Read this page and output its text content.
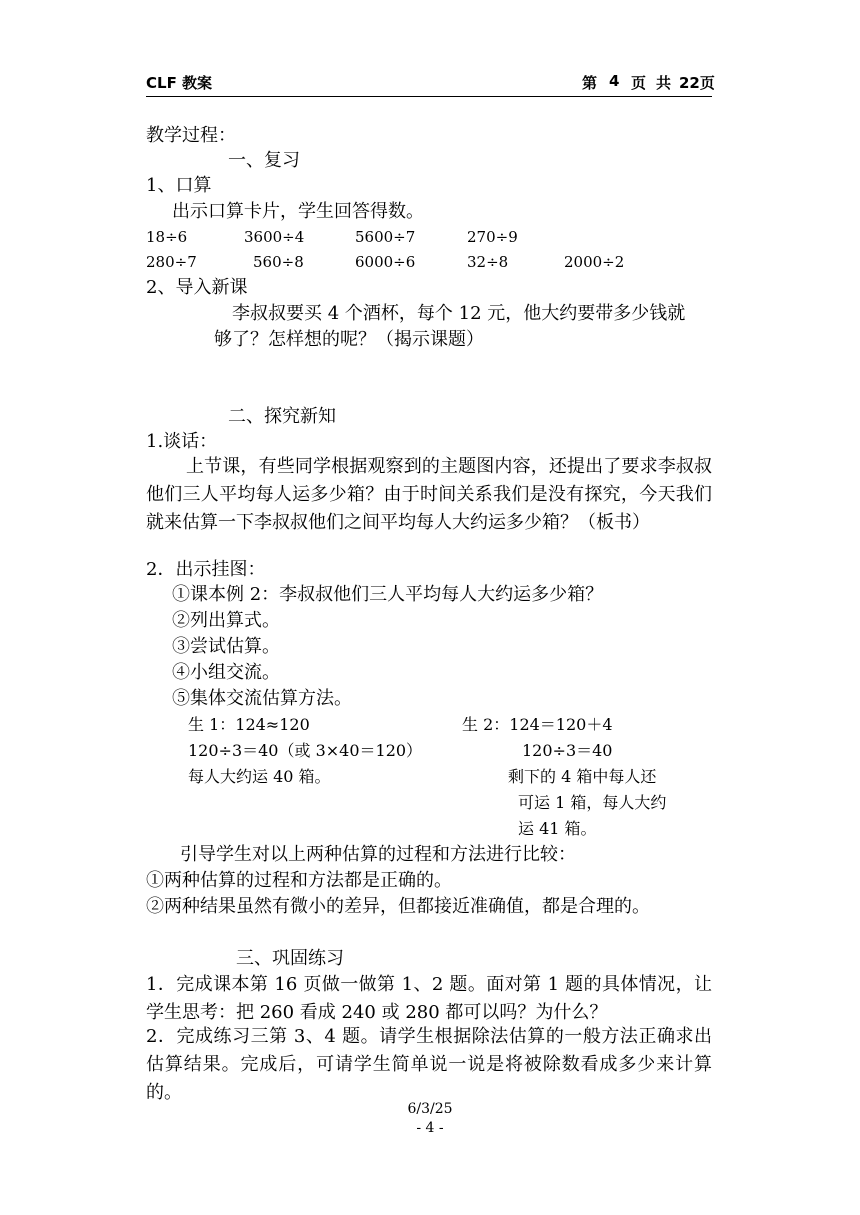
CLF 教案	第 4 页 共 22页
教学过程：
一、复习
1、口算
出示口算卡片，学生回答得数。
18÷6	3600÷4	5600÷7	270÷9
280÷7	560÷8	6000÷6	32÷8	2000÷2
2、导入新课
李叔叔要买 4 个酒杯，每个 12 元，他大约要带多少钱就
够了？怎样想的呢？（揭示课题）
二、探究新知
1.谈话：
上节课，有些同学根据观察到的主题图内容，还提出了要求李叔叔他们三人平均每人运多少箱？由于时间关系我们是没有探究，今天我们就来估算一下李叔叔他们之间平均每人大约运多少箱？（板书）
2．出示挂图：
①课本例 2：李叔叔他们三人平均每人大约运多少箱？
②列出算式。
③尝试估算。
④小组交流。
⑤集体交流估算方法。
生 1：124≈120
120÷3＝40（或 3×40＝120）
每人大约运 40 箱。
生 2：124＝120＋4
120÷3＝40
剩下的 4 箱中每人还
可运 1 箱，每人大约
运 41 箱。
引导学生对以上两种估算的过程和方法进行比较：
①两种估算的过程和方法都是正确的。
②两种结果虽然有微小的差异，但都接近准确值，都是合理的。
三、巩固练习
1．完成课本第 16 页做一做第 1、2 题。面对第 1 题的具体情况，让学生思考：把 260 看成 240 或 280 都可以吗？为什么？
2．完成练习三第 3、4 题。请学生根据除法估算的一般方法正确求出估算结果。完成后，可请学生简单说一说是将被除数看成多少来计算的。
6/3/25
- 4 -
